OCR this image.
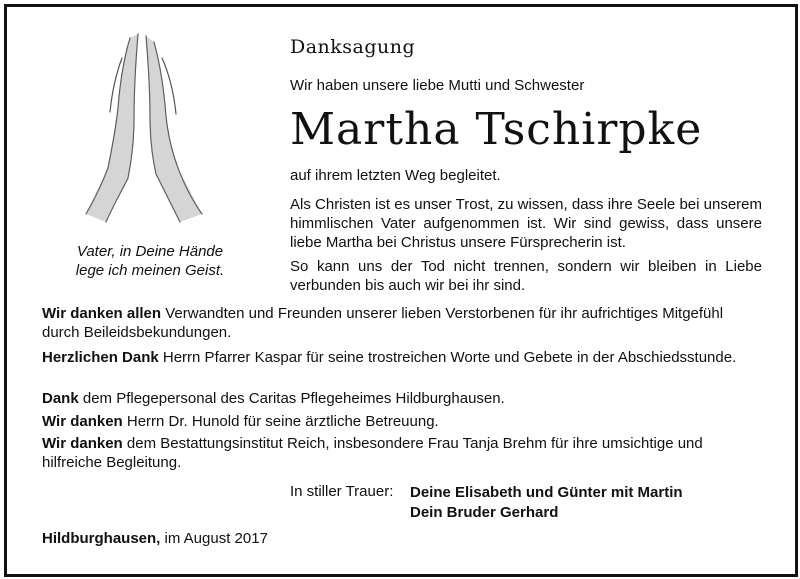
Vater, in Deine Hände
lege ich meinen Geist.
Danksagung
Wir haben unsere liebe Mutti und Schwester
Martha Tschirpke
auf ihrem letzten Weg begleitet.
Als Christen ist es unser Trost, zu wissen, dass ihre Seele bei unserem himmlischen Vater aufgenommen ist. Wir sind gewiss, dass unsere liebe Martha bei Christus unsere Fürsprecherin ist.
So kann uns der Tod nicht trennen, sondern wir bleiben in Liebe verbunden bis auch wir bei ihr sind.
Wir danken allen Verwandten und Freunden unserer lieben Verstorbenen für ihr aufrichtiges Mitgefühl durch Beileidsbekundungen.
Herzlichen Dank Herrn Pfarrer Kaspar für seine trostreichen Worte und Gebete in der Abschiedsstunde.
Dank dem Pflegepersonal des Caritas Pflegeheimes Hildburghausen.
Wir danken Herrn Dr. Hunold für seine ärztliche Betreuung.
Wir danken dem Bestattungsinstitut Reich, insbesondere Frau Tanja Brehm für ihre umsichtige und hilfreiche Begleitung.
In stiller Trauer: Deine Elisabeth und Günter mit Martin
Dein Bruder Gerhard
Hildburghausen, im August 2017
